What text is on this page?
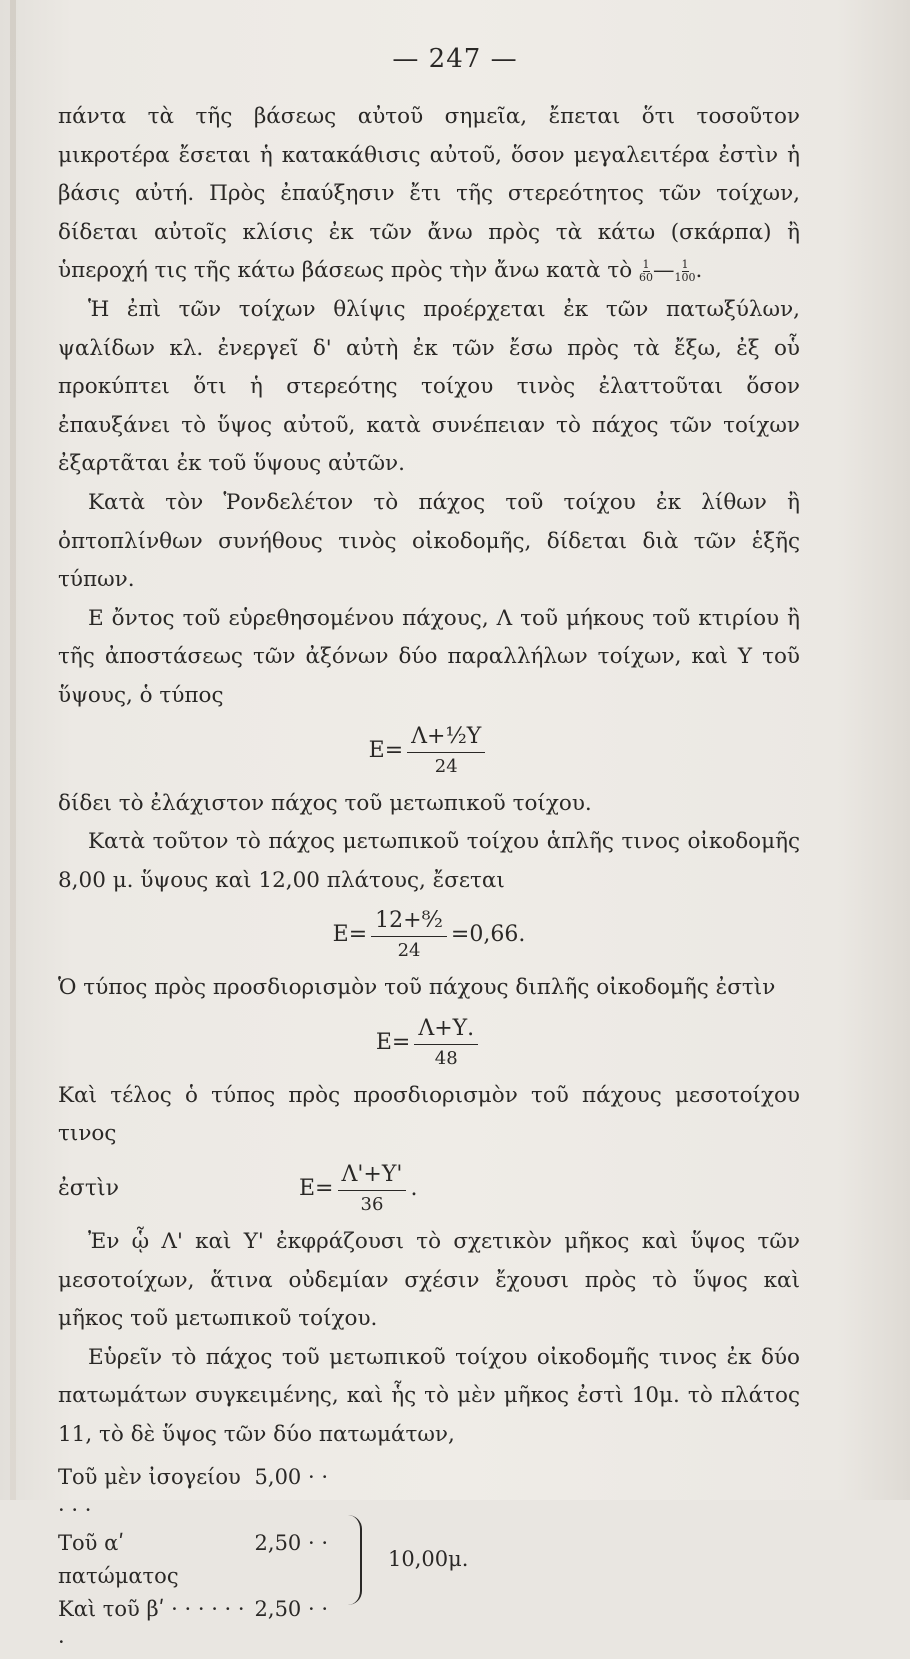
— 247 —

πάντα τὰ τῆς βάσεως αὐτοῦ σημεῖα, ἔπεται ὅτι τοσοῦτον μικροτέρα ἔσεται ἡ κατακάθισις αὐτοῦ, ὅσον μεγαλειτέρα ἐστὶν ἡ βάσις αὐτή. Πρὸς ἐπαύξησιν ἔτι τῆς στερεότητος τῶν τοίχων, δίδεται αὐτοῖς κλίσις ἐκ τῶν ἄνω πρὸς τὰ κάτω (σκάρπα) ἢ ὑπεροχή τις τῆς κάτω βάσεως πρὸς τὴν ἄνω κατὰ τὸ $\frac{1}{60}$ — $\frac{1}{100}$ .

Ἡ ἐπὶ τῶν τοίχων θλίψις προέρχεται ἐκ τῶν πατωξύλων, ψαλίδων κλ. ἐνεργεῖ δ' αὐτὴ ἐκ τῶν ἔσω πρὸς τὰ ἔξω, ἐξ οὗ προκύπτει ὅτι ἡ στερεότης τοίχου τινὸς ἐλαττοῦται ὅσον ἐπαυξάνει τὸ ὕψος αὐτοῦ, κατὰ συνέπειαν τὸ πάχος τῶν τοίχων ἐξαρτᾶται ἐκ τοῦ ὕψους αὐτῶν.

Κατὰ τὸν Ῥονδελέτον τὸ πάχος τοῦ τοίχου ἐκ λίθων ἢ ὀπτοπλίνθων συνήθους τινὸς οἰκοδομῆς, δίδεται διὰ τῶν ἑξῆς τύπων.

Ε ὄντος τοῦ εὑρεθησομένου πάχους, Λ τοῦ μήκους τοῦ κτιρίου ἢ τῆς ἀποστάσεως τῶν ἀξόνων δύο παραλλήλων τοίχων, καὶ Υ τοῦ ὕψους, ὁ τύπος

$E= \frac{\text{Λ+½Υ}}{24}$

δίδει τὸ ἐλάχιστον πάχος τοῦ μετωπικοῦ τοίχου.

Κατὰ τοῦτον τὸ πάχος μετωπικοῦ τοίχου ἁπλῆς τινος οἰκοδομῆς 8,00 μ. ὕψους καὶ 12,00 πλάτους, ἔσεται

$E= \frac{\text{12+⁸⁄₂}}{24} =0,66$.

Ὁ τύπος πρὸς προσδιορισμὸν τοῦ πάχους διπλῆς οἰκοδομῆς ἐστὶν

$E= \frac{\Lambda+\Upsilon.}{48}$

Καὶ τέλος ὁ τύπος πρὸς προσδιορισμὸν τοῦ πάχους μεσοτοίχου τινος

ἐστὶν	$E= \frac{\Lambda'+\Upsilon'}{36}$ .

Ἐν ᾧ Λ' καὶ Υ' ἐκφράζουσι τὸ σχετικὸν μῆκος καὶ ὕψος τῶν μεσοτοίχων, ἅτινα οὐδεμίαν σχέσιν ἔχουσι πρὸς τὸ ὕψος καὶ μῆκος τοῦ μετωπικοῦ τοίχου.

Εὑρεῖν τὸ πάχος τοῦ μετωπικοῦ τοίχου οἰκοδομῆς τινος ἐκ δύο πατωμάτων συγκειμένης, καὶ ἧς τὸ μὲν μῆκος ἐστὶ 10μ. τὸ πλάτος 11, τὸ δὲ ὕψος τῶν δύο πατωμάτων,

Τοῦ μὲν ἰσογείου · · ·
5,00 · ·
Τοῦ αʹ πατώματος
2,50 · ·
Καὶ τοῦ βʹ · · · · · · ·
2,50 · ·
10,00μ.
